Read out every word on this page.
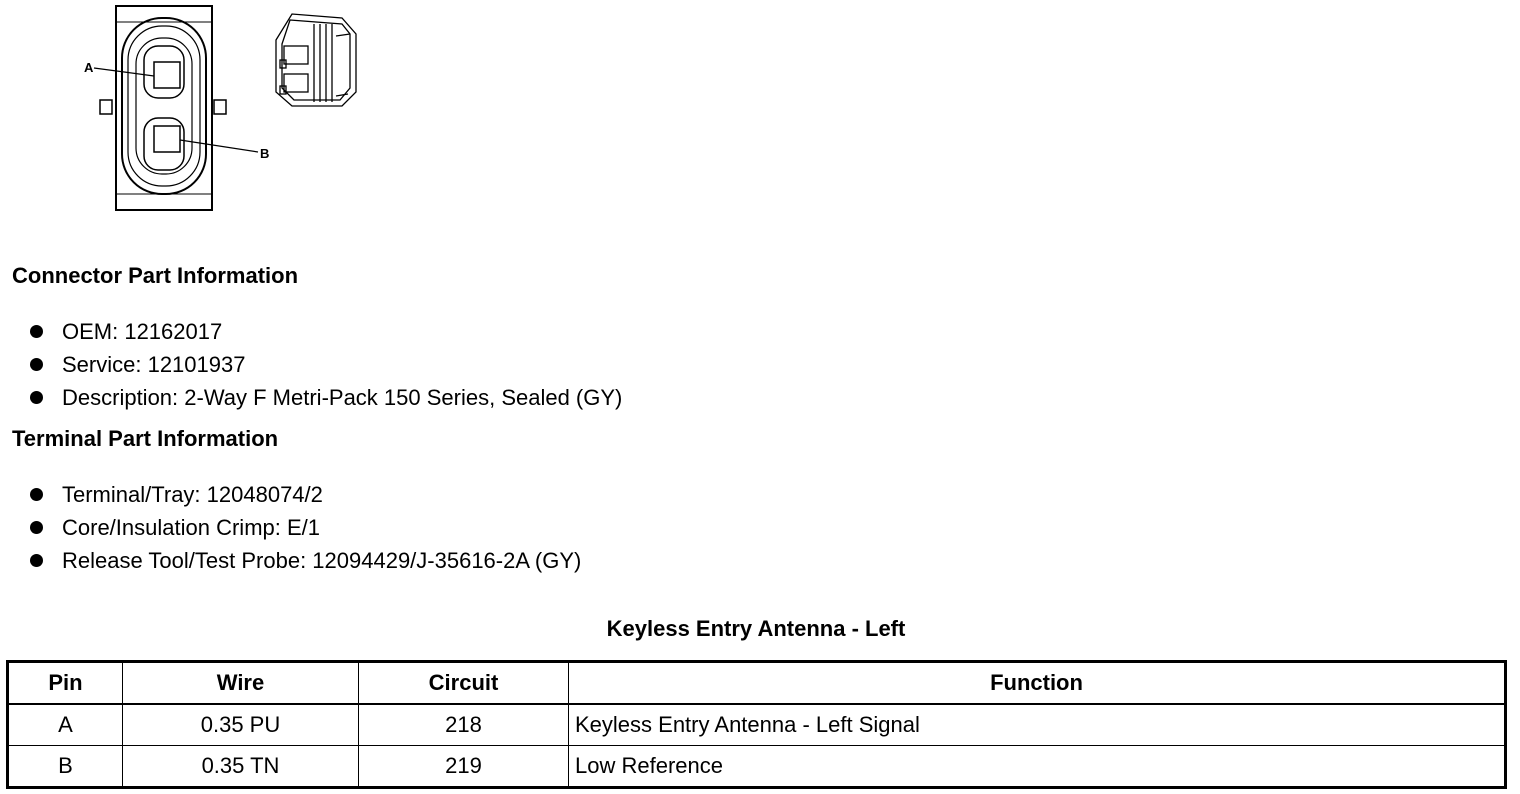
A
B
Connector Part Information
OEM: 12162017
Service: 12101937
Description: 2-Way F Metri-Pack 150 Series, Sealed (GY)
Terminal Part Information
Terminal/Tray: 12048074/2
Core/Insulation Crimp: E/1
Release Tool/Test Probe: 12094429/J-35616-2A (GY)
Keyless Entry Antenna - Left
Pin	Wire	Circuit	Function
A	0.35 PU	218	Keyless Entry Antenna - Left Signal
B	0.35 TN	219	Low Reference
